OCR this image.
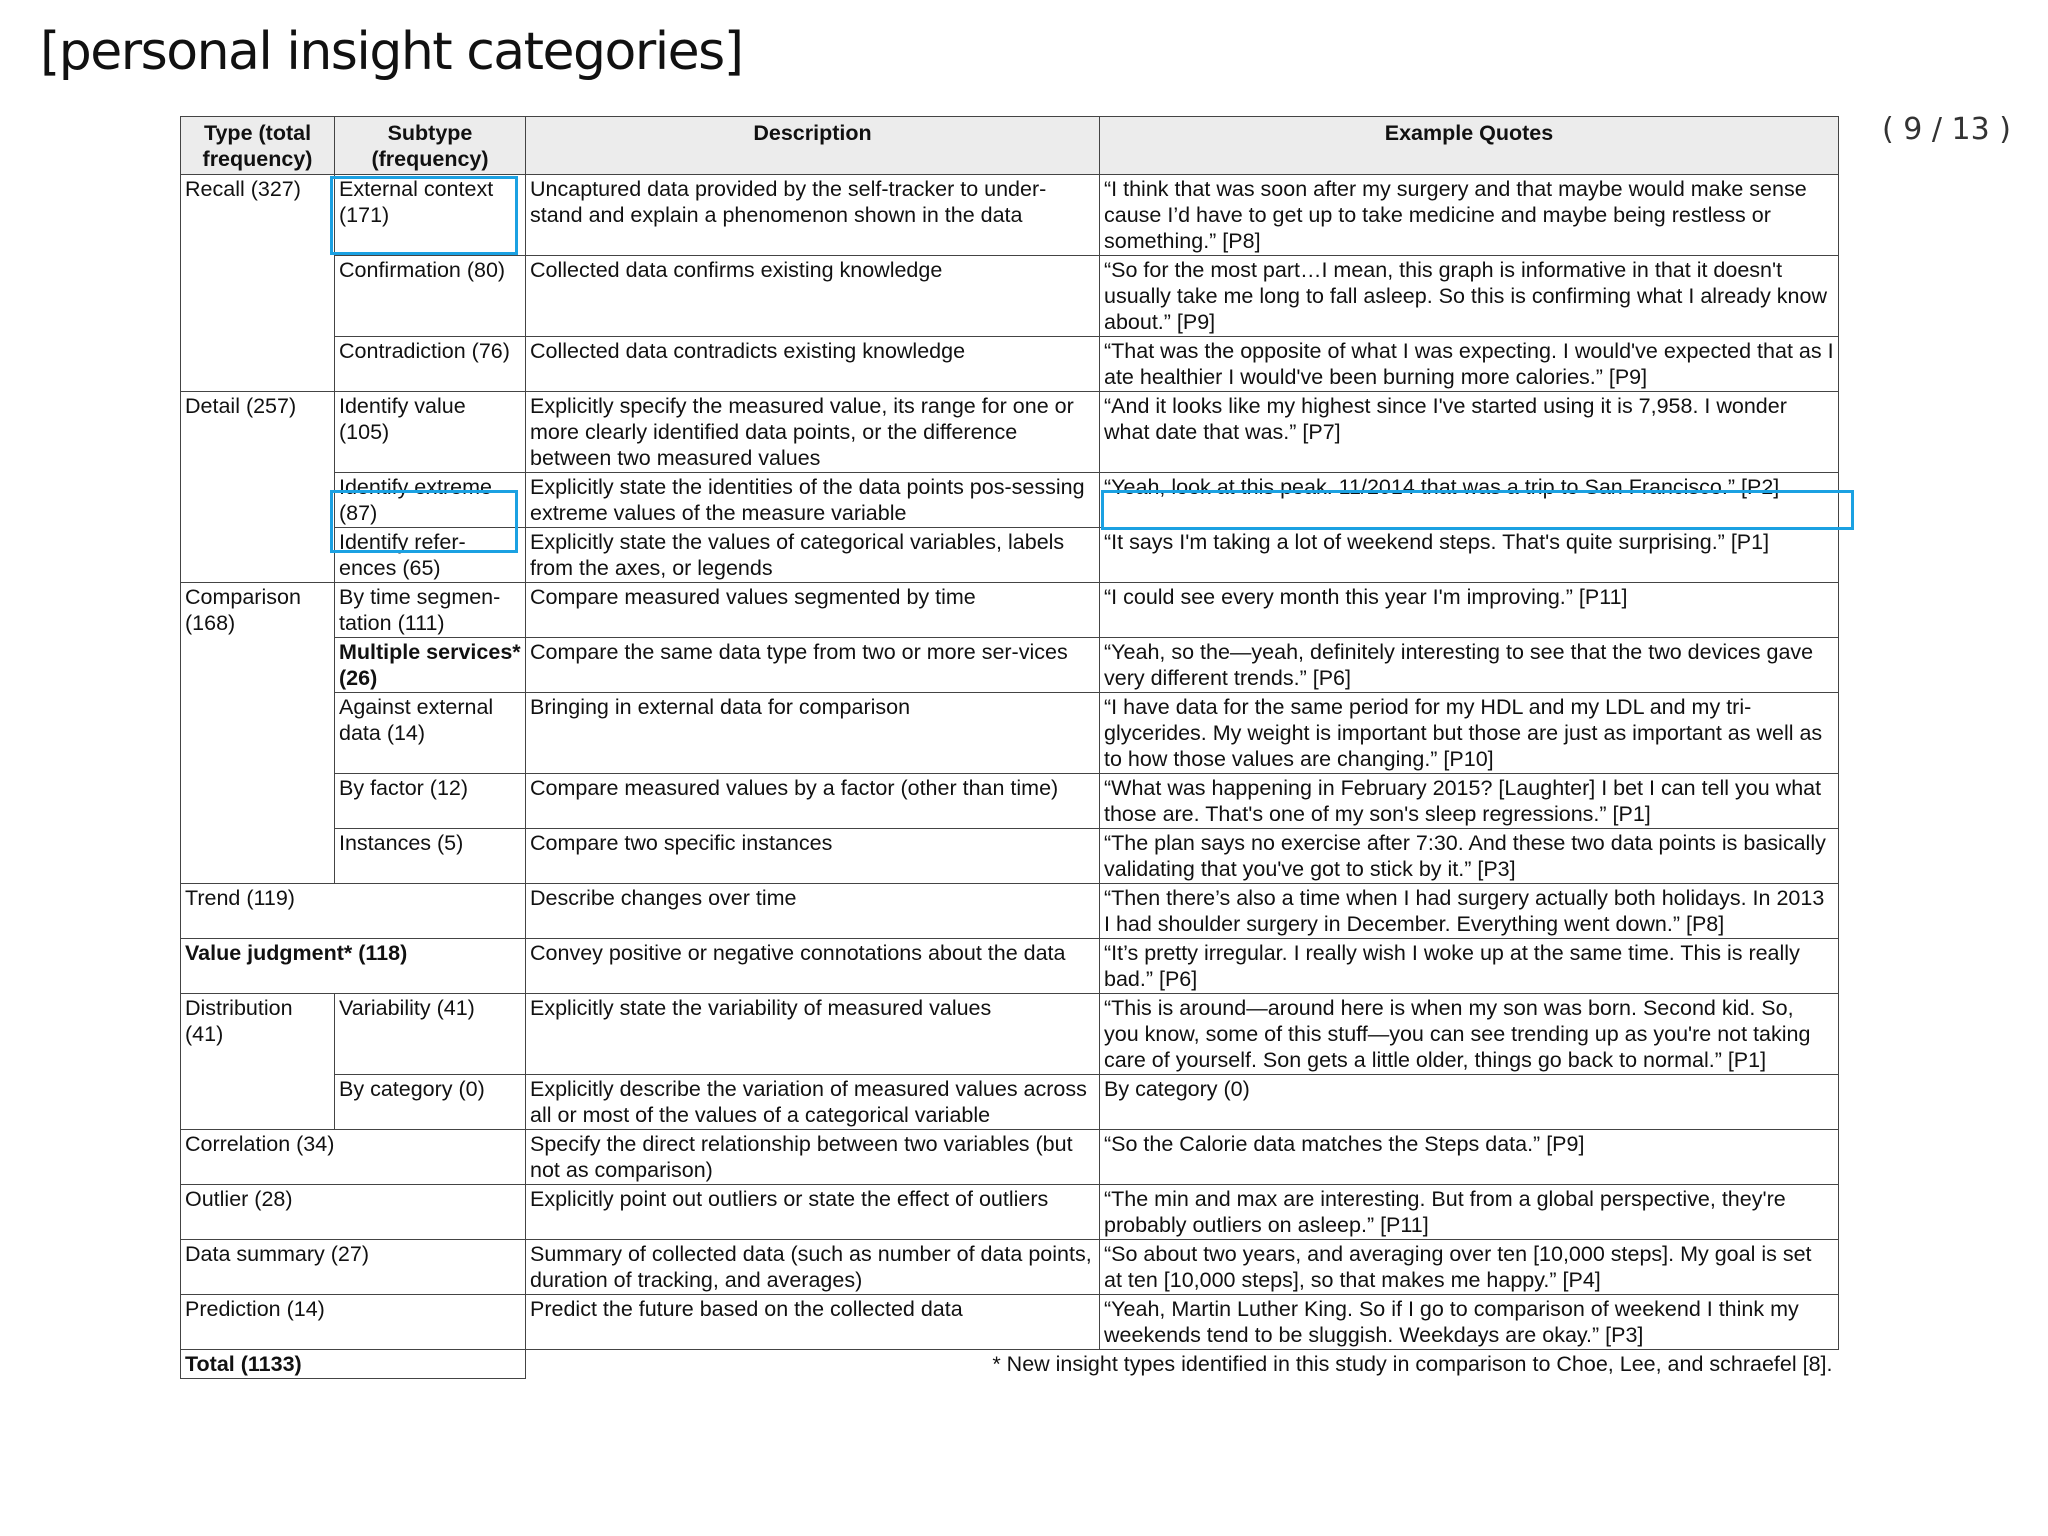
[personal insight categories]
( 9 / 13 )
Type (total frequency)	Subtype (frequency)	Description	Example Quotes
Recall (327)	External context (171)	Uncaptured data provided by the self-tracker to under-stand and explain a phenomenon shown in the data	“I think that was soon after my surgery and that maybe would make sense cause I’d have to get up to take medicine and maybe being restless or something.” [P8]
	Confirmation (80)	Collected data confirms existing knowledge	“So for the most part…I mean, this graph is informative in that it doesn't usually take me long to fall asleep. So this is confirming what I already know about.” [P9]
	Contradiction (76)	Collected data contradicts existing knowledge	“That was the opposite of what I was expecting. I would've expected that as I ate healthier I would've been burning more calories.” [P9]
Detail (257)	Identify value (105)	Explicitly specify the measured value, its range for one or more clearly identified data points, or the difference between two measured values	“And it looks like my highest since I've started using it is 7,958. I wonder what date that was.” [P7]
	Identify extreme (87)	Explicitly state the identities of the data points pos-sessing extreme values of the measure variable	“Yeah, look at this peak. 11/2014 that was a trip to San Francisco.” [P2]
	Identify refer-ences (65)	Explicitly state the values of categorical variables, labels from the axes, or legends	“It says I'm taking a lot of weekend steps. That's quite surprising.” [P1]
Comparison (168)	By time segmen-tation (111)	Compare measured values segmented by time	“I could see every month this year I'm improving.” [P11]
	Multiple services* (26)	Compare the same data type from two or more ser-vices	“Yeah, so the—yeah, definitely interesting to see that the two devices gave very different trends.” [P6]
	Against external data (14)	Bringing in external data for comparison	“I have data for the same period for my HDL and my LDL and my tri-glycerides. My weight is important but those are just as important as well as to how those values are changing.” [P10]
	By factor (12)	Compare measured values by a factor (other than time)	“What was happening in February 2015? [Laughter] I bet I can tell you what those are. That's one of my son's sleep regressions.” [P1]
	Instances (5)	Compare two specific instances	“The plan says no exercise after 7:30. And these two data points is basically validating that you've got to stick by it.” [P3]
Trend (119)		Describe changes over time	“Then there’s also a time when I had surgery actually both holidays. In 2013 I had shoulder surgery in December. Everything went down.” [P8]
Value judgment* (118)		Convey positive or negative connotations about the data	“It’s pretty irregular. I really wish I woke up at the same time. This is really bad.” [P6]
Distribution (41)	Variability (41)	Explicitly state the variability of measured values	“This is around—around here is when my son was born. Second kid. So, you know, some of this stuff—you can see trending up as you're not taking care of yourself. Son gets a little older, things go back to normal.” [P1]
	By category (0)	Explicitly describe the variation of measured values across all or most of the values of a categorical variable	By category (0)
Correlation (34)		Specify the direct relationship between two variables (but not as comparison)	“So the Calorie data matches the Steps data.” [P9]
Outlier (28)		Explicitly point out outliers or state the effect of outliers	“The min and max are interesting. But from a global perspective, they're probably outliers on asleep.” [P11]
Data summary (27)		Summary of collected data (such as number of data points, duration of tracking, and averages)	“So about two years, and averaging over ten [10,000 steps]. My goal is set at ten [10,000 steps], so that makes me happy.” [P4]
Prediction (14)		Predict the future based on the collected data	“Yeah, Martin Luther King. So if I go to comparison of weekend I think my weekends tend to be sluggish. Weekdays are okay.” [P3]
Total (1133)		* New insight types identified in this study in comparison to Choe, Lee, and schraefel [8].	
